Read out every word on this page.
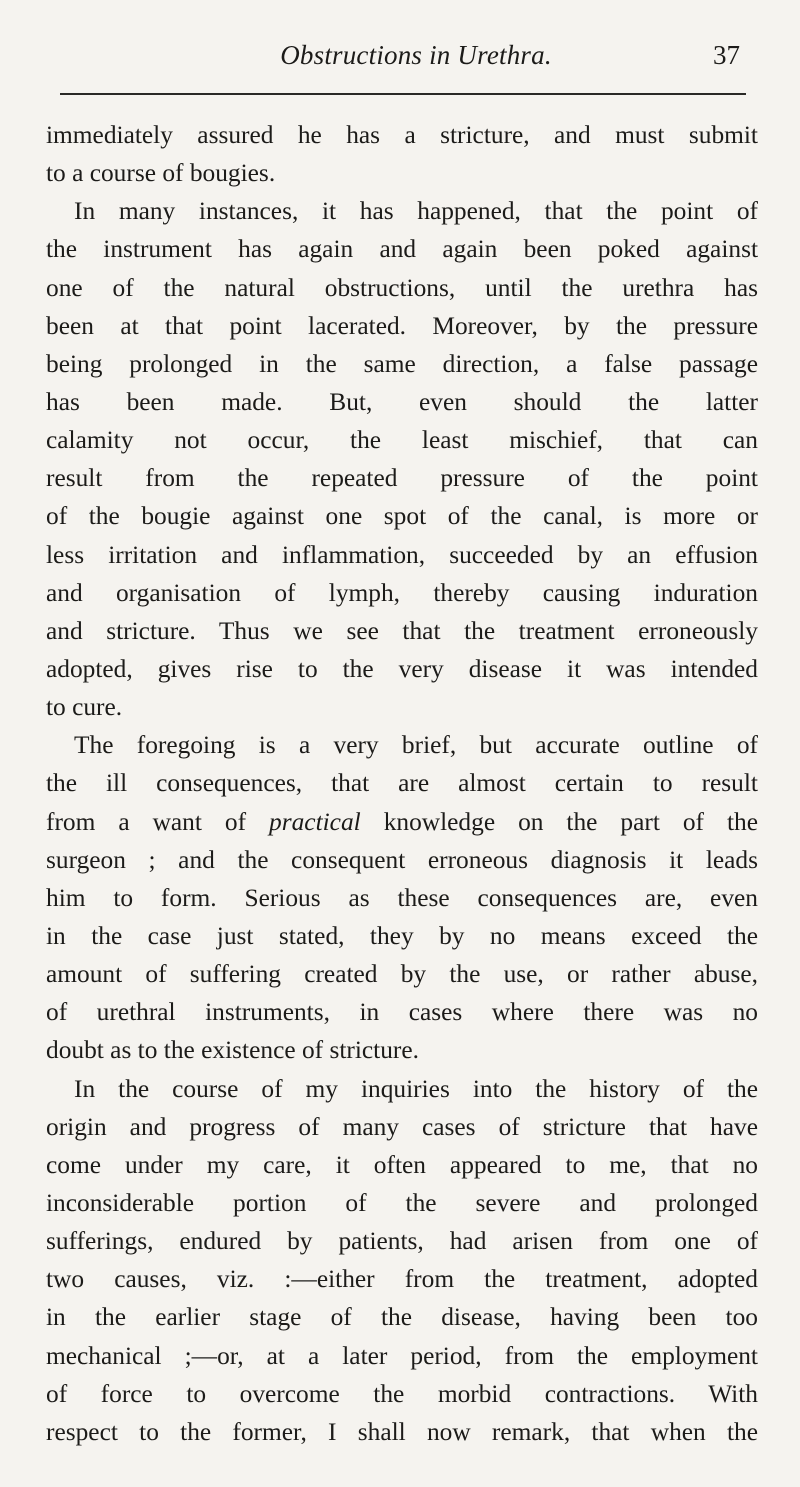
Obstructions in Urethra.	37
immediately assured he has a stricture, and must submit
to a course of bougies.
In many instances, it has happened, that the point of
the instrument has again and again been poked against
one of the natural obstructions, until the urethra has
been at that point lacerated. Moreover, by the pressure
being prolonged in the same direction, a false passage
has been made. But, even should the latter
calamity not occur, the least mischief, that can
result from the repeated pressure of the point
of the bougie against one spot of the canal, is more or
less irritation and inflammation, succeeded by an effusion
and organisation of lymph, thereby causing induration
and stricture. Thus we see that the treatment erroneously
adopted, gives rise to the very disease it was intended
to cure.
The foregoing is a very brief, but accurate outline of
the ill consequences, that are almost certain to result
from a want of practical knowledge on the part of the
surgeon ; and the consequent erroneous diagnosis it leads
him to form. Serious as these consequences are, even
in the case just stated, they by no means exceed the
amount of suffering created by the use, or rather abuse,
of urethral instruments, in cases where there was no
doubt as to the existence of stricture.
In the course of my inquiries into the history of the
origin and progress of many cases of stricture that have
come under my care, it often appeared to me, that no
inconsiderable portion of the severe and prolonged
sufferings, endured by patients, had arisen from one of
two causes, viz. :—either from the treatment, adopted
in the earlier stage of the disease, having been too
mechanical ;—or, at a later period, from the employment
of force to overcome the morbid contractions. With
respect to the former, I shall now remark, that when the
